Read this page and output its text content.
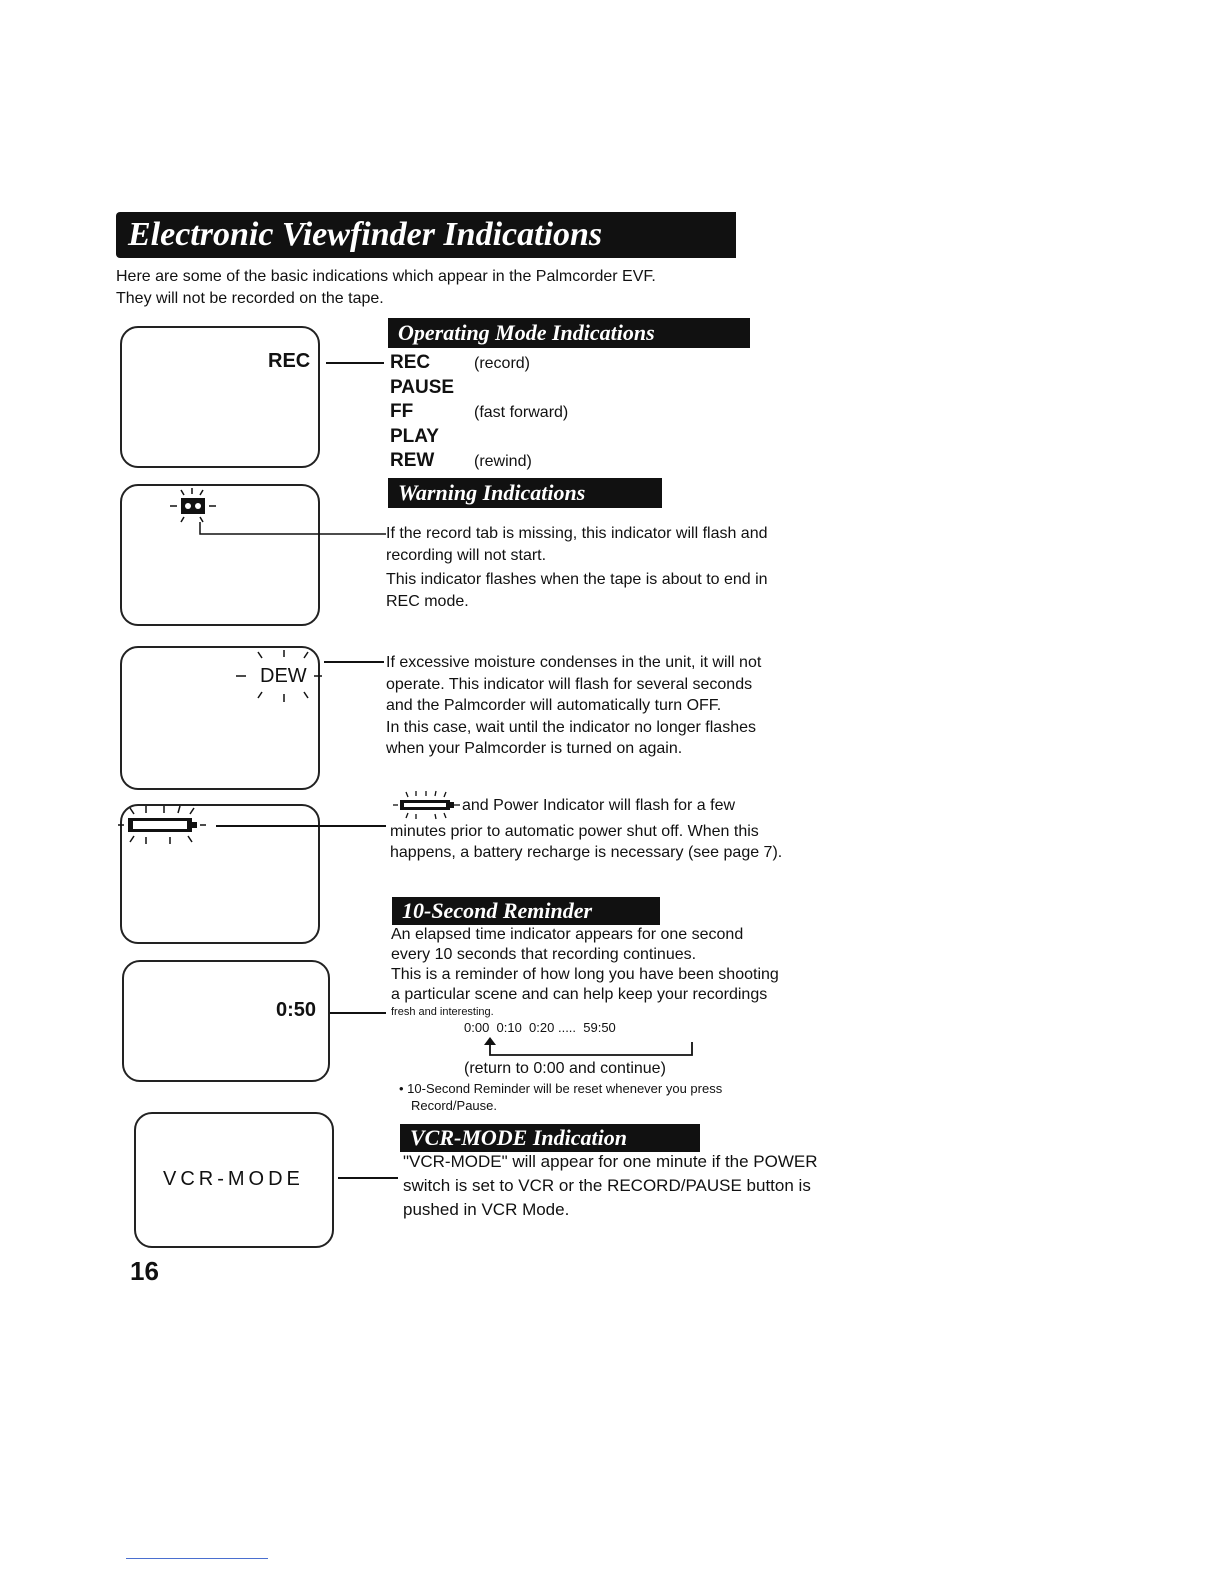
Electronic Viewfinder Indications
Here are some of the basic indications which appear in the Palmcorder EVF.
They will not be recorded on the tape.
REC
Operating Mode Indications
REC	(record)
PAUSE
FF	(fast forward)
PLAY
REW (rewind)
Warning Indications
If the record tab is missing, this indicator will flash and
recording will not start.
This indicator flashes when the tape is about to end in
REC mode.
DEW
If excessive moisture condenses in the unit, it will not
operate. This indicator will flash for several seconds
and the Palmcorder will automatically turn OFF.
In this case, wait until the indicator no longer flashes
when your Palmcorder is turned on again.
and Power Indicator will flash for a few
minutes prior to automatic power shut off. When this
happens, a battery recharge is necessary (see page 7).
10-Second Reminder
0:50
An elapsed time indicator appears for one second
every 10 seconds that recording continues.
This is a reminder of how long you have been shooting
a particular scene and can help keep your recordings
fresh and interesting.
0:00  0:10  0:20 .....  59:50
(return to 0:00 and continue)
• 10-Second Reminder will be reset whenever you press
Record/Pause.
VCR-MODE Indication
VCR-MODE
"VCR-MODE" will appear for one minute if the POWER
switch is set to VCR or the RECORD/PAUSE button is
pushed in VCR Mode.
16
